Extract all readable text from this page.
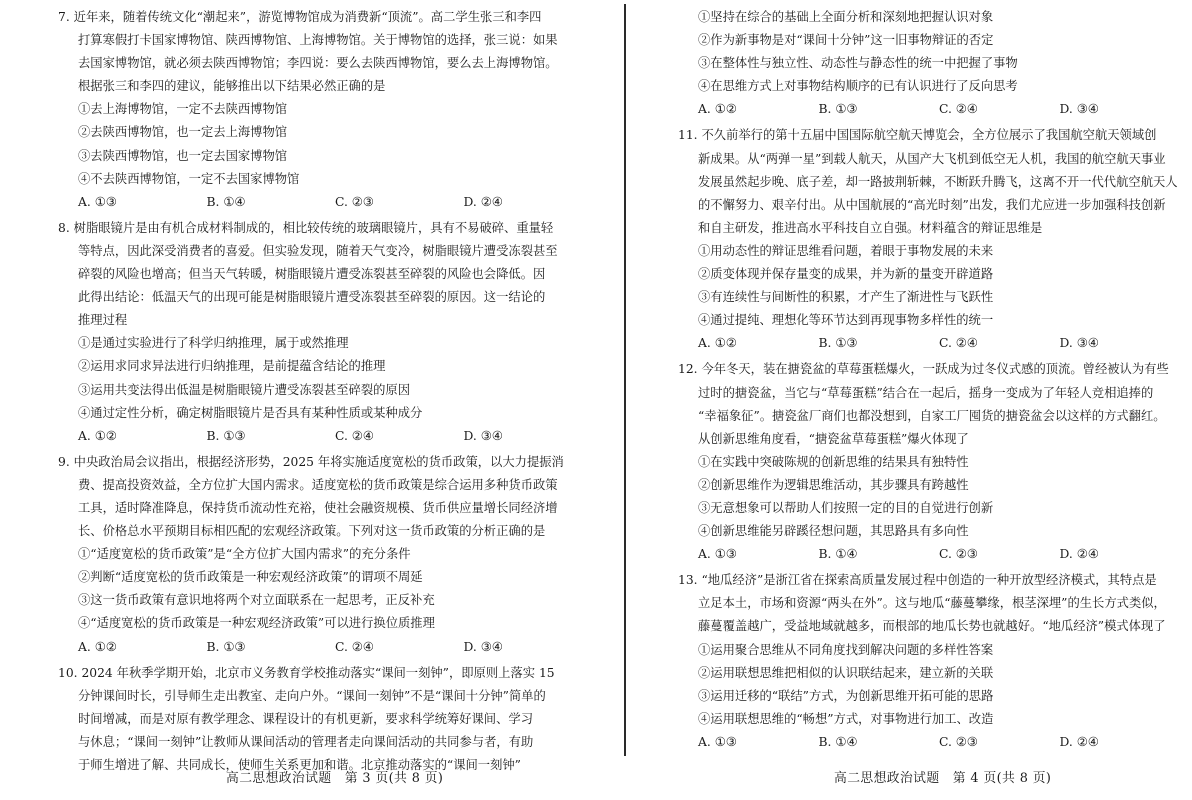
7. 近年来，随着传统文化“潮起来”，游览博物馆成为消费新“顶流”。高二学生张三和李四
打算寒假打卡国家博物馆、陕西博物馆、上海博物馆。关于博物馆的选择，张三说：如果
去国家博物馆，就必须去陕西博物馆；李四说：要么去陕西博物馆，要么去上海博物馆。
根据张三和李四的建议，能够推出以下结果必然正确的是
①去上海博物馆，一定不去陕西博物馆
②去陕西博物馆，也一定去上海博物馆
③去陕西博物馆，也一定去国家博物馆
④不去陕西博物馆，一定不去国家博物馆
A. ①③	B. ①④	C. ②③	D. ②④
8. 树脂眼镜片是由有机合成材料制成的，相比较传统的玻璃眼镜片，具有不易破碎、重量轻
等特点，因此深受消费者的喜爱。但实验发现，随着天气变冷，树脂眼镜片遭受冻裂甚至
碎裂的风险也增高；但当天气转暖，树脂眼镜片遭受冻裂甚至碎裂的风险也会降低。因
此得出结论：低温天气的出现可能是树脂眼镜片遭受冻裂甚至碎裂的原因。这一结论的
推理过程
①是通过实验进行了科学归纳推理，属于或然推理
②运用求同求异法进行归纳推理，是前提蕴含结论的推理
③运用共变法得出低温是树脂眼镜片遭受冻裂甚至碎裂的原因
④通过定性分析，确定树脂眼镜片是否具有某种性质或某种成分
A. ①②	B. ①③	C. ②④	D. ③④
9. 中央政治局会议指出，根据经济形势，2025 年将实施适度宽松的货币政策，以大力提振消
费、提高投资效益，全方位扩大国内需求。适度宽松的货币政策是综合运用多种货币政策
工具，适时降准降息，保持货币流动性充裕，使社会融资规模、货币供应量增长同经济增
长、价格总水平预期目标相匹配的宏观经济政策。下列对这一货币政策的分析正确的是
①“适度宽松的货币政策”是“全方位扩大国内需求”的充分条件
②判断“适度宽松的货币政策是一种宏观经济政策”的谓项不周延
③这一货币政策有意识地将两个对立面联系在一起思考，正反补充
④“适度宽松的货币政策是一种宏观经济政策”可以进行换位质推理
A. ①②	B. ①③	C. ②④	D. ③④
10. 2024 年秋季学期开始，北京市义务教育学校推动落实“课间一刻钟”，即原则上落实 15
分钟课间时长，引导师生走出教室、走向户外。“课间一刻钟”不是“课间十分钟”简单的
时间增减，而是对原有教学理念、课程设计的有机更新，要求科学统筹好课间、学习
与休息；“课间一刻钟”让教师从课间活动的管理者走向课间活动的共同参与者，有助
于师生增进了解、共同成长，使师生关系更加和谐。北京推动落实的“课间一刻钟”
①坚持在综合的基础上全面分析和深刻地把握认识对象
②作为新事物是对“课间十分钟”这一旧事物辩证的否定
③在整体性与独立性、动态性与静态性的统一中把握了事物
④在思维方式上对事物结构顺序的已有认识进行了反向思考
A. ①②	B. ①③	C. ②④	D. ③④
11. 不久前举行的第十五届中国国际航空航天博览会，全方位展示了我国航空航天领域创
新成果。从“两弹一星”到载人航天，从国产大飞机到低空无人机，我国的航空航天事业
发展虽然起步晚、底子差，却一路披荆斩棘，不断跃升腾飞，这离不开一代代航空航天人
的不懈努力、艰辛付出。从中国航展的“高光时刻”出发，我们尤应进一步加强科技创新
和自主研发，推进高水平科技自立自强。材料蕴含的辩证思维是
①用动态性的辩证思维看问题，着眼于事物发展的未来
②质变体现并保存量变的成果，并为新的量变开辟道路
③有连续性与间断性的积累，才产生了渐进性与飞跃性
④通过提纯、理想化等环节达到再现事物多样性的统一
A. ①②	B. ①③	C. ②④	D. ③④
12. 今年冬天，装在搪瓷盆的草莓蛋糕爆火，一跃成为过冬仪式感的顶流。曾经被认为有些
过时的搪瓷盆，当它与“草莓蛋糕”结合在一起后，摇身一变成为了年轻人竞相追捧的
“幸福象征”。搪瓷盆厂商们也都没想到，自家工厂囤货的搪瓷盆会以这样的方式翻红。
从创新思维角度看，“搪瓷盆草莓蛋糕”爆火体现了
①在实践中突破陈规的创新思维的结果具有独特性
②创新思维作为逻辑思维活动，其步骤具有跨越性
③无意想象可以帮助人们按照一定的目的自觉进行创新
④创新思维能另辟蹊径想问题，其思路具有多向性
A. ①③	B. ①④	C. ②③	D. ②④
13. “地瓜经济”是浙江省在探索高质量发展过程中创造的一种开放型经济模式，其特点是
立足本土，市场和资源“两头在外”。这与地瓜“藤蔓攀缘，根茎深埋”的生长方式类似，
藤蔓覆盖越广，受益地域就越多，而根部的地瓜长势也就越好。“地瓜经济”模式体现了
①运用聚合思维从不同角度找到解决问题的多样性答案
②运用联想思维把相似的认识联结起来，建立新的关联
③运用迁移的“联结”方式，为创新思维开拓可能的思路
④运用联想思维的“畅想”方式，对事物进行加工、改造
A. ①③	B. ①④	C. ②③	D. ②④
高二思想政治试题　第 3 页(共 8 页)	高二思想政治试题　第 4 页(共 8 页)
